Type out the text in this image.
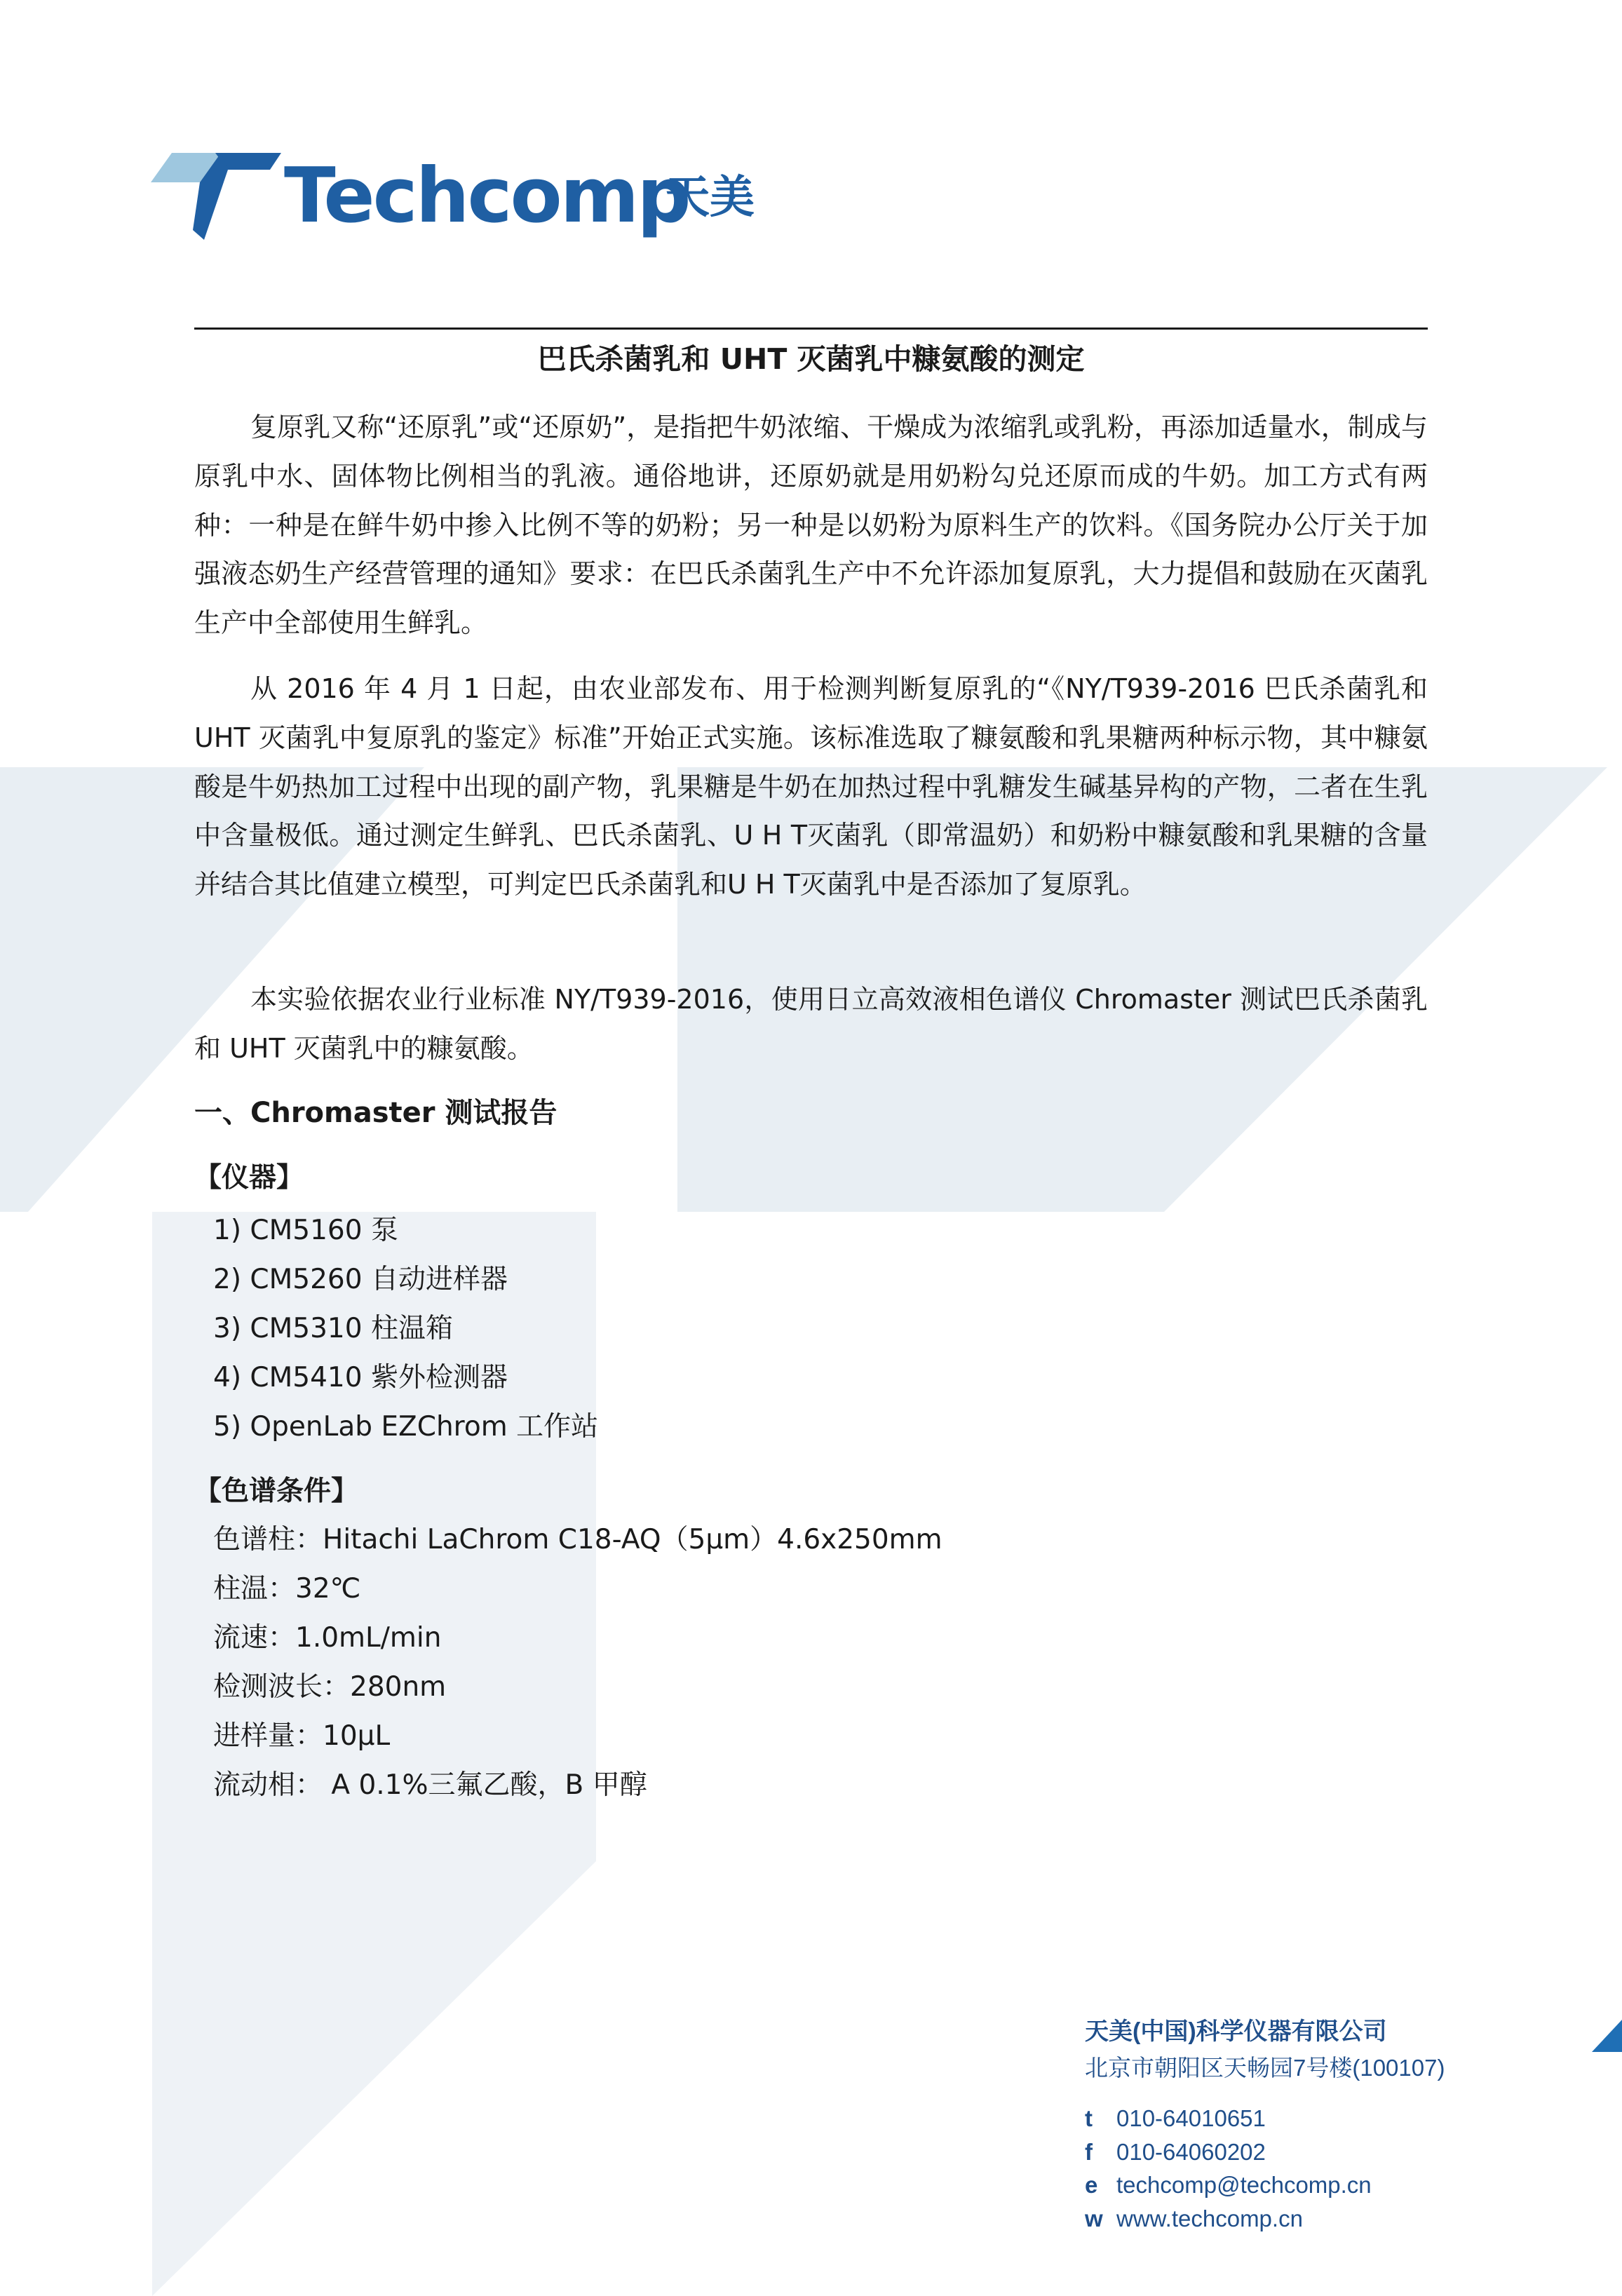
Techcomp
天美
巴氏杀菌乳和 UHT 灭菌乳中糠氨酸的测定

复原乳又称“还原乳”或“还原奶”，是指把牛奶浓缩、干燥成为浓缩乳或乳粉，再添加适量水，制成与原乳中水、固体物比例相当的乳液。通俗地讲，还原奶就是用奶粉勾兑还原而成的牛奶。加工方式有两种：一种是在鲜牛奶中掺入比例不等的奶粉；另一种是以奶粉为原料生产的饮料。《国务院办公厅关于加强液态奶生产经营管理的通知》要求：在巴氏杀菌乳生产中不允许添加复原乳，大力提倡和鼓励在灭菌乳生产中全部使用生鲜乳。

从 2016 年 4 月 1 日起，由农业部发布、用于检测判断复原乳的“《NY/T939-2016 巴氏杀菌乳和 UHT 灭菌乳中复原乳的鉴定》标准”开始正式实施。该标准选取了糠氨酸和乳果糖两种标示物，其中糠氨酸是牛奶热加工过程中出现的副产物，乳果糖是牛奶在加热过程中乳糖发生碱基异构的产物，二者在生乳中含量极低。通过测定生鲜乳、巴氏杀菌乳、U H T灭菌乳（即常温奶）和奶粉中糠氨酸和乳果糖的含量并结合其比值建立模型，可判定巴氏杀菌乳和U H T灭菌乳中是否添加了复原乳。

本实验依据农业行业标准 NY/T939-2016，使用日立高效液相色谱仪 Chromaster 测试巴氏杀菌乳和 UHT 灭菌乳中的糠氨酸。

一、Chromaster 测试报告
【仪器】
1) CM5160 泵
2) CM5260 自动进样器
3) CM5310 柱温箱
4) CM5410 紫外检测器
5) OpenLab EZChrom 工作站
【色谱条件】
色谱柱：Hitachi LaChrom C18-AQ（5μm）4.6x250mm
柱温：32℃
流速：1.0mL/min
检测波长：280nm
进样量：10μL
流动相： A 0.1%三氟乙酸，B 甲醇
天美(中国)科学仪器有限公司
北京市朝阳区天畅园7号楼(100107)
t 010-64010651
f 010-64060202
e techcomp@techcomp.cn
w www.techcomp.cn
